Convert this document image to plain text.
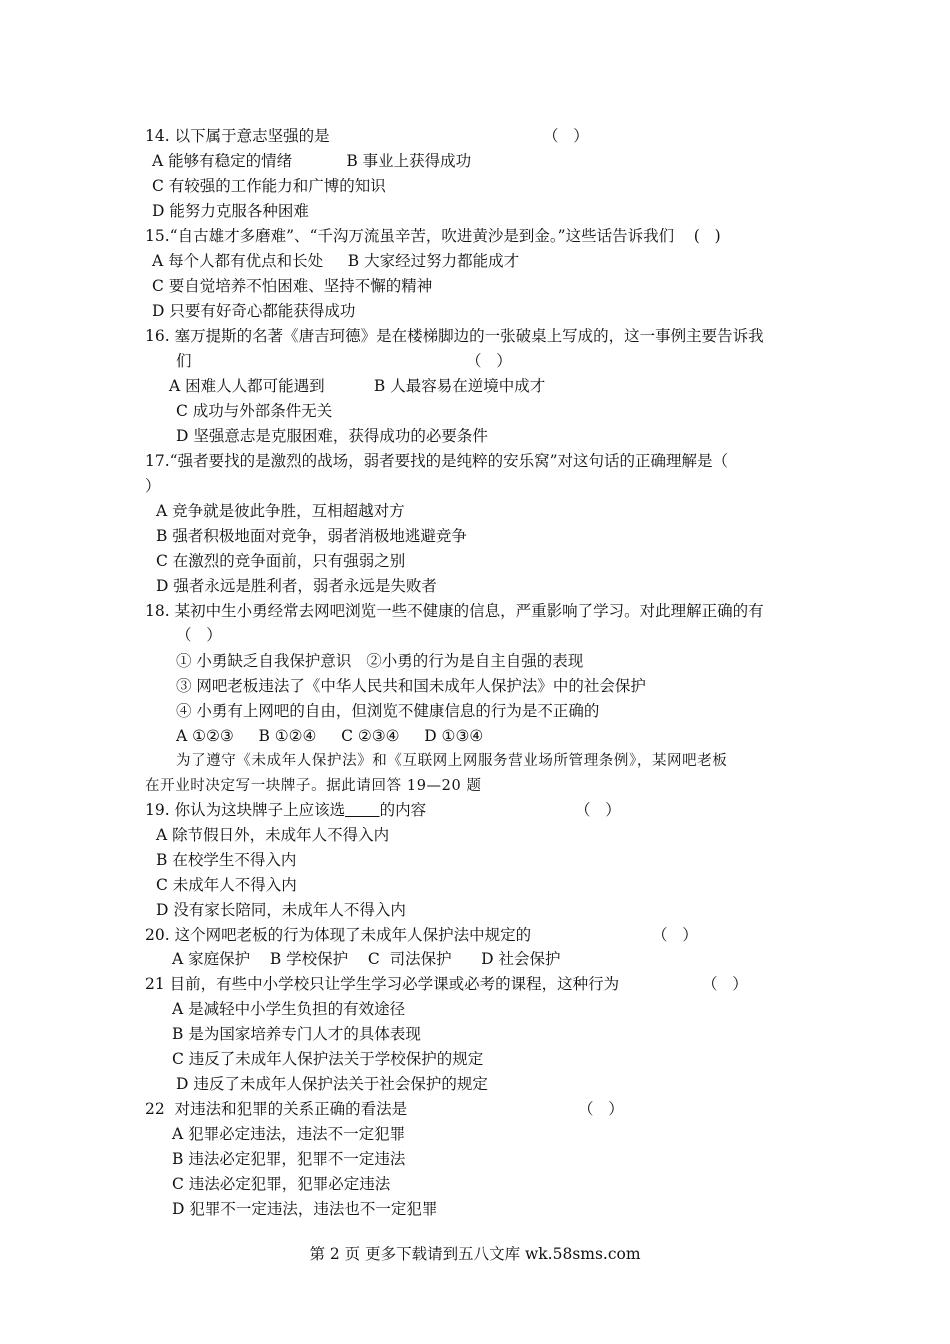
14. 以下属于意志坚强的是	（   ）
A 能够有稳定的情绪           B 事业上获得成功
C 有较强的工作能力和广博的知识
D 能努力克服各种困难
15.“自古雄才多磨难”、“千沟万流虽辛苦，吹进黄沙是到金。”这些话告诉我们    (   )
A 每个人都有优点和长处     B 大家经过努力都能成才
C 要自觉培养不怕困难、坚持不懈的精神
D 只要有好奇心都能获得成功
16. 塞万提斯的名著《唐吉珂德》是在楼梯脚边的一张破桌上写成的，这一事例主要告诉我
们	（   ）
A 困难人人都可能遇到          B 人最容易在逆境中成才
C 成功与外部条件无关
D 坚强意志是克服困难，获得成功的必要条件
17.“强者要找的是激烈的战场，弱者要找的是纯粹的安乐窝”对这句话的正确理解是（
）
A 竞争就是彼此争胜，互相超越对方
B 强者积极地面对竞争，弱者消极地逃避竞争
C 在激烈的竞争面前，只有强弱之别
D 强者永远是胜利者，弱者永远是失败者
18. 某初中生小勇经常去网吧浏览一些不健康的信息，严重影响了学习。对此理解正确的有
（   ）
① 小勇缺乏自我保护意识   ②小勇的行为是自主自强的表现
③ 网吧老板违法了《中华人民共和国未成年人保护法》中的社会保护
④ 小勇有上网吧的自由，但浏览不健康信息的行为是不正确的
A ①②③     B ①②④     C ②③④     D ①③④
为了遵守《未成年人保护法》和《互联网上网服务营业场所管理条例》，某网吧老板
在开业时决定写一块牌子。据此请回答 19—20 题
19. 你认为这块牌子上应该选 的内容	（   ）
A 除节假日外，未成年人不得入内
B 在校学生不得入内
C 未成年人不得入内
D 没有家长陪同，未成年人不得入内
20. 这个网吧老板的行为体现了未成年人保护法中规定的	（   ）
A 家庭保护    B 学校保护    C  司法保护      D 社会保护
21 目前，有些中小学校只让学生学习必学课或必考的课程，这种行为	（   ）
A 是减轻中小学生负担的有效途径
B 是为国家培养专门人才的具体表现
C 违反了未成年人保护法关于学校保护的规定
D 违反了未成年人保护法关于社会保护的规定
22  对违法和犯罪的关系正确的看法是	（   ）
A 犯罪必定违法，违法不一定犯罪
B 违法必定犯罪，犯罪不一定违法
C 违法必定犯罪，犯罪必定违法
D 犯罪不一定违法，违法也不一定犯罪
第 2 页 更多下载请到五八文库 wk.58sms.com
